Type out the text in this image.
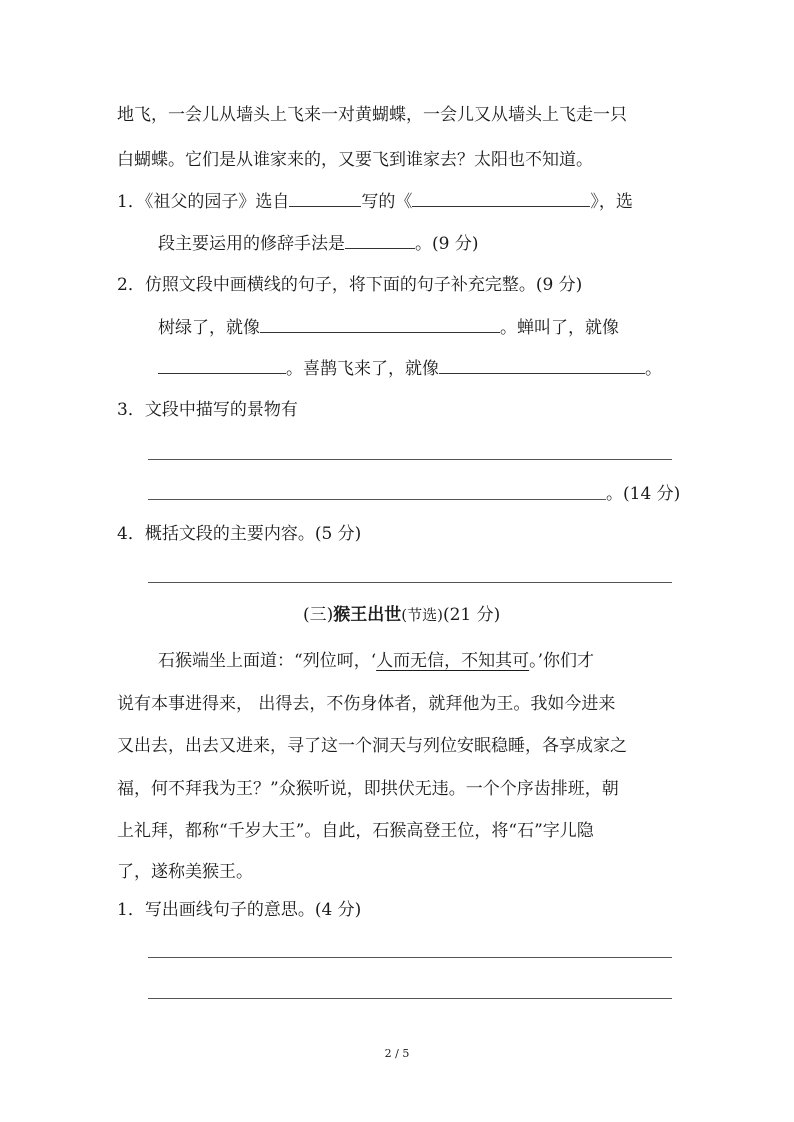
地飞，一会儿从墙头上飞来一对黄蝴蝶，一会儿又从墙头上飞走一只
白蝴蝶。它们是从谁家来的，又要飞到谁家去？太阳也不知道。
1．《祖父的园子》选自	写的《	》，选
段主要运用的修辞手法是	。(9 分)
2．仿照文段中画横线的句子，将下面的句子补充完整。(9 分)
树绿了，就像	。蝉叫了，就像
。喜鹊飞来了，就像	。
3．文段中描写的景物有
。(14 分)
4．概括文段的主要内容。(5 分)
(三)猴王出世(节选)(21 分)
石猴端坐上面道：“列位呵，‘人而无信，不知其可。’你们才
说有本事进得来， 出得去，不伤身体者，就拜他为王。我如今进来
又出去，出去又进来，寻了这一个洞天与列位安眠稳睡，各享成家之
福，何不拜我为王？”众猴听说，即拱伏无违。一个个序齿排班，朝
上礼拜，都称“千岁大王”。自此，石猴高登王位，将“石”字儿隐
了，遂称美猴王。
1．写出画线句子的意思。(4 分)
2 / 5
